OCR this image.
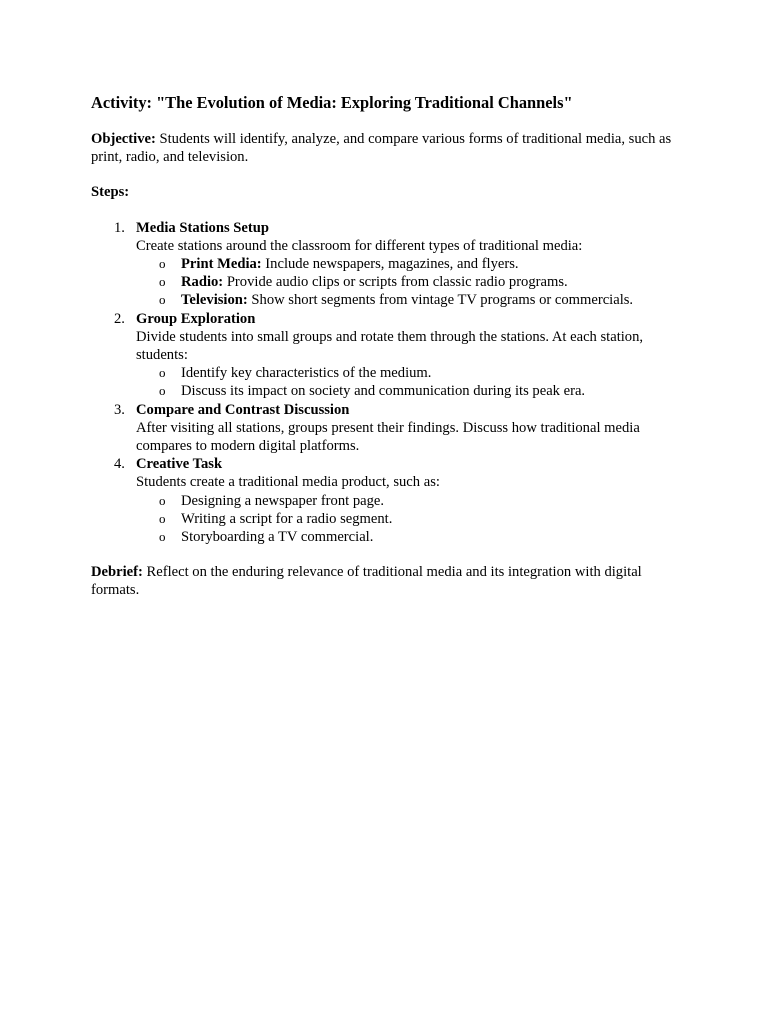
Activity: "The Evolution of Media: Exploring Traditional Channels"

Objective: Students will identify, analyze, and compare various forms of traditional media, such as print, radio, and television.

Steps:
1. Media Stations Setup
Create stations around the classroom for different types of traditional media:
o Print Media: Include newspapers, magazines, and flyers.
o Radio: Provide audio clips or scripts from classic radio programs.
o Television: Show short segments from vintage TV programs or commercials.
2. Group Exploration
Divide students into small groups and rotate them through the stations. At each station, students:
o Identify key characteristics of the medium.
o Discuss its impact on society and communication during its peak era.
3. Compare and Contrast Discussion
After visiting all stations, groups present their findings. Discuss how traditional media compares to modern digital platforms.
4. Creative Task
Students create a traditional media product, such as:
o Designing a newspaper front page.
o Writing a script for a radio segment.
o Storyboarding a TV commercial.

Debrief: Reflect on the enduring relevance of traditional media and its integration with digital formats.
